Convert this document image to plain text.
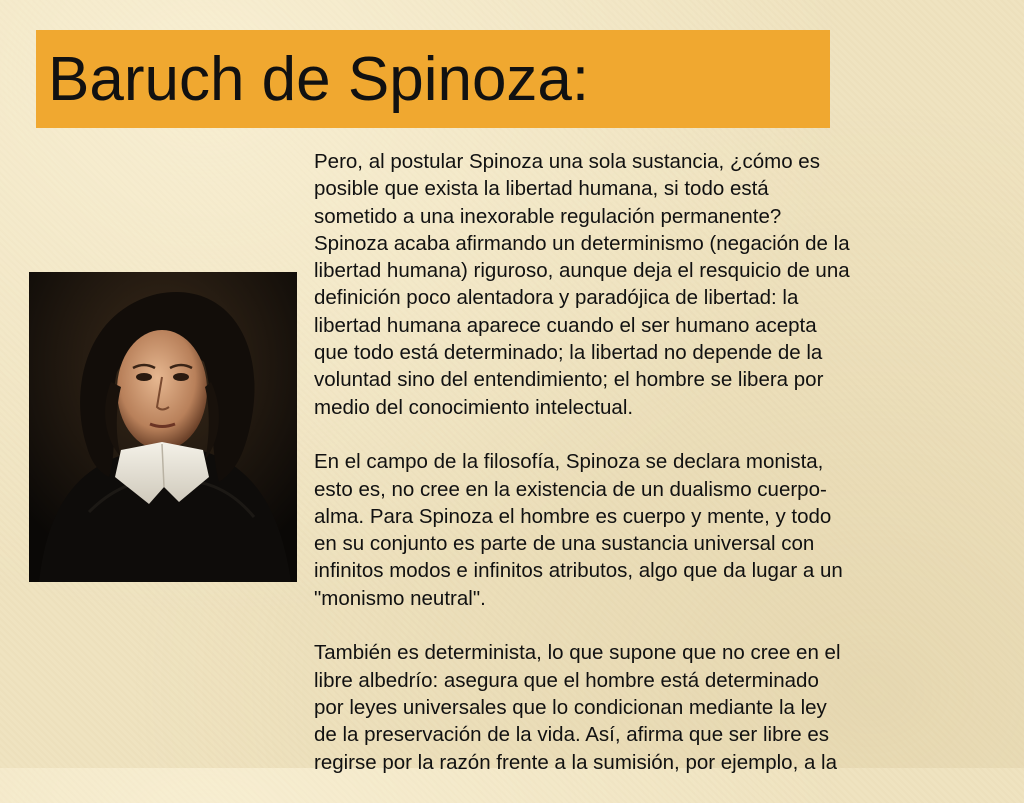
Baruch de Spinoza:

Pero, al postular Spinoza una sola sustancia, ¿cómo es
posible que exista la libertad humana, si todo está
sometido a una inexorable regulación permanente?
Spinoza acaba afirmando un determinismo (negación de la
libertad humana) riguroso, aunque deja el resquicio de una
definición poco alentadora y paradójica de libertad: la
libertad humana aparece cuando el ser humano acepta
que todo está determinado; la libertad no depende de la
voluntad sino del entendimiento; el hombre se libera por
medio del conocimiento intelectual.

En el campo de la filosofía, Spinoza se declara monista,
esto es, no cree en la existencia de un dualismo cuerpo-
alma. Para Spinoza el hombre es cuerpo y mente, y todo
en su conjunto es parte de una sustancia universal con
infinitos modos e infinitos atributos, algo que da lugar a un
"monismo neutral".

También es determinista, lo que supone que no cree en el
libre albedrío: asegura que el hombre está determinado
por leyes universales que lo condicionan mediante la ley
de la preservación de la vida. Así, afirma que ser libre es
regirse por la razón frente a la sumisión, por ejemplo, a la
